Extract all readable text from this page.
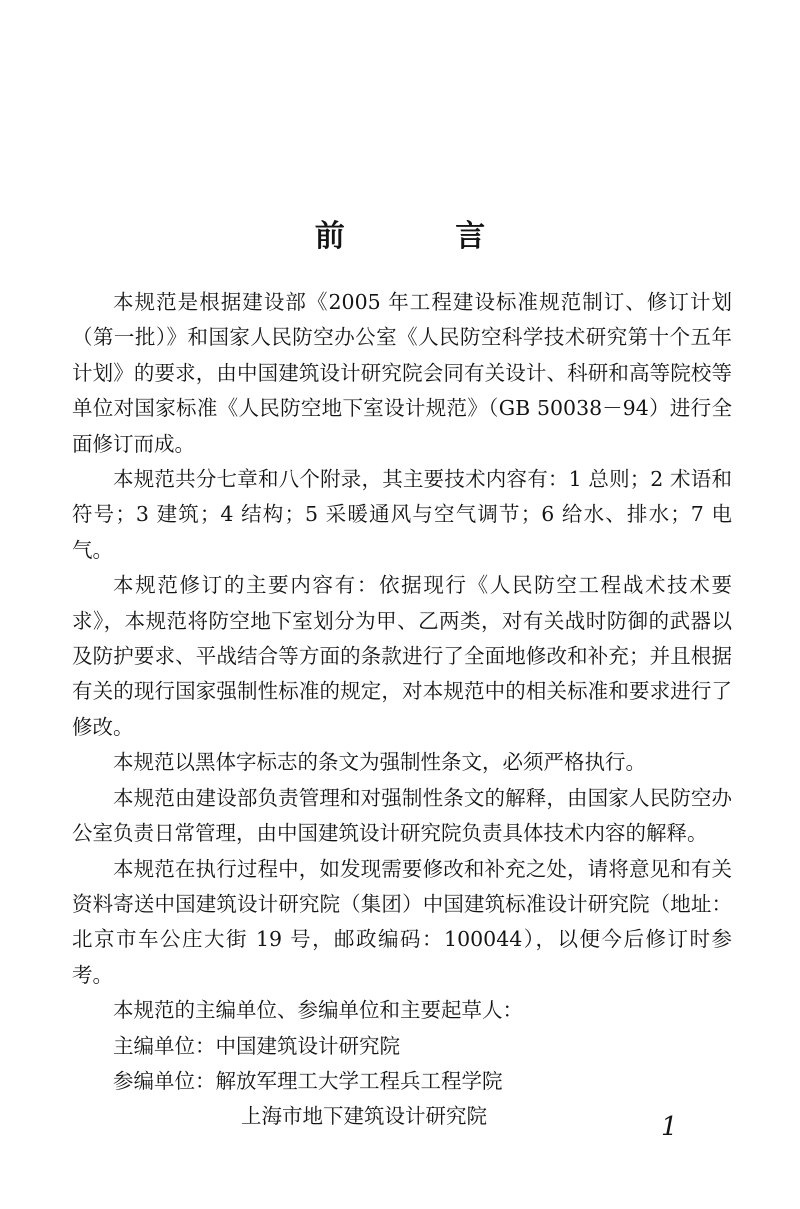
前 言

本规范是根据建设部《2005 年工程建设标准规范制订、修订计划（第一批）》和国家人民防空办公室《人民防空科学技术研究第十个五年计划》的要求，由中国建筑设计研究院会同有关设计、科研和高等院校等单位对国家标准《人民防空地下室设计规范》（GB 50038－94）进行全面修订而成。

本规范共分七章和八个附录，其主要技术内容有：1 总则；2 术语和符号；3 建筑；4 结构；5 采暖通风与空气调节；6 给水、排水；7 电气。

本规范修订的主要内容有：依据现行《人民防空工程战术技术要求》，本规范将防空地下室划分为甲、乙两类，对有关战时防御的武器以及防护要求、平战结合等方面的条款进行了全面地修改和补充；并且根据有关的现行国家强制性标准的规定，对本规范中的相关标准和要求进行了修改。

本规范以黑体字标志的条文为强制性条文，必须严格执行。

本规范由建设部负责管理和对强制性条文的解释，由国家人民防空办公室负责日常管理，由中国建筑设计研究院负责具体技术内容的解释。

本规范在执行过程中，如发现需要修改和补充之处，请将意见和有关资料寄送中国建筑设计研究院（集团）中国建筑标准设计研究院（地址：北京市车公庄大街 19 号，邮政编码：100044），以便今后修订时参考。

本规范的主编单位、参编单位和主要起草人：

主编单位：中国建筑设计研究院
参编单位：解放军理工大学工程兵工程学院
上海市地下建筑设计研究院	1
